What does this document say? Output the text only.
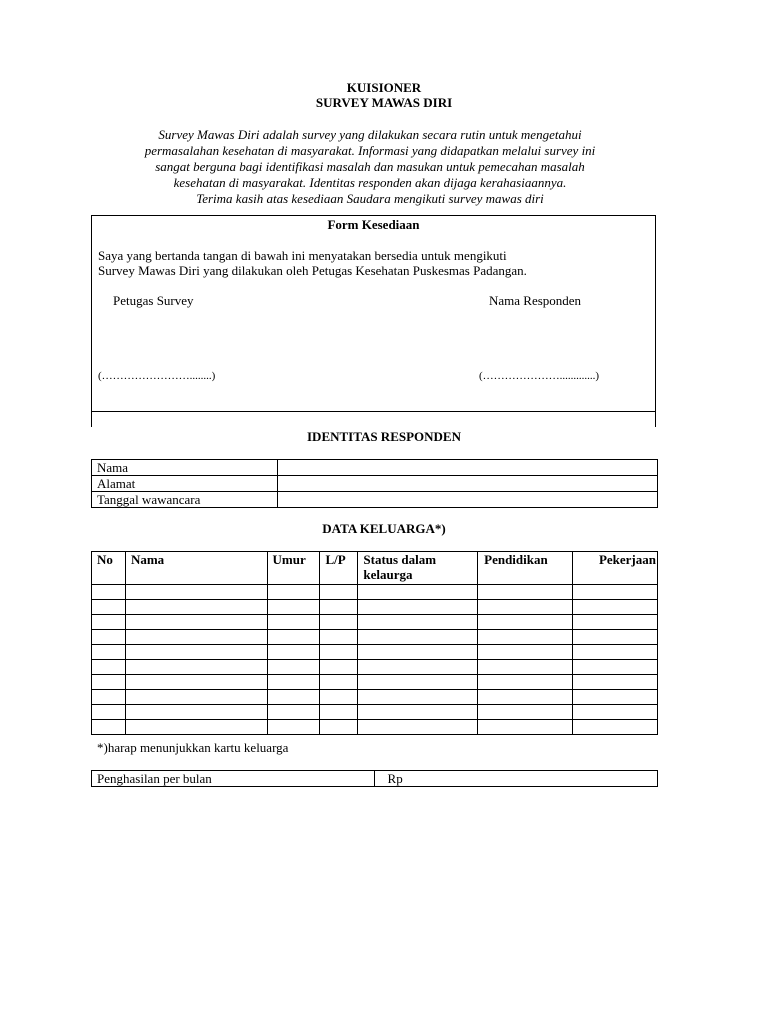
KUISIONER
SURVEY MAWAS DIRI
Survey Mawas Diri adalah survey yang dilakukan secara rutin untuk mengetahui
permasalahan kesehatan di masyarakat. Informasi yang didapatkan melalui survey ini
sangat berguna bagi identifikasi masalah dan masukan untuk pemecahan masalah
kesehatan di masyarakat. Identitas responden akan dijaga kerahasiaannya.
Terima kasih atas kesediaan Saudara mengikuti survey mawas diri
Form Kesediaan
Saya yang bertanda tangan di bawah ini menyatakan bersedia untuk mengikuti
Survey Mawas Diri yang dilakukan oleh Petugas Kesehatan Puskesmas Padangan.
Petugas Survey	Nama Responden
(……………………........)	(………………….............)
IDENTITAS RESPONDEN
Nama	
Alamat	
Tanggal wawancara	
DATA KELUARGA*)
No	Nama	Umur	L/P	Status dalam kelaurga	Pendidikan	Pekerjaan

*)harap menunjukkan kartu keluarga
Penghasilan per bulan	Rp
